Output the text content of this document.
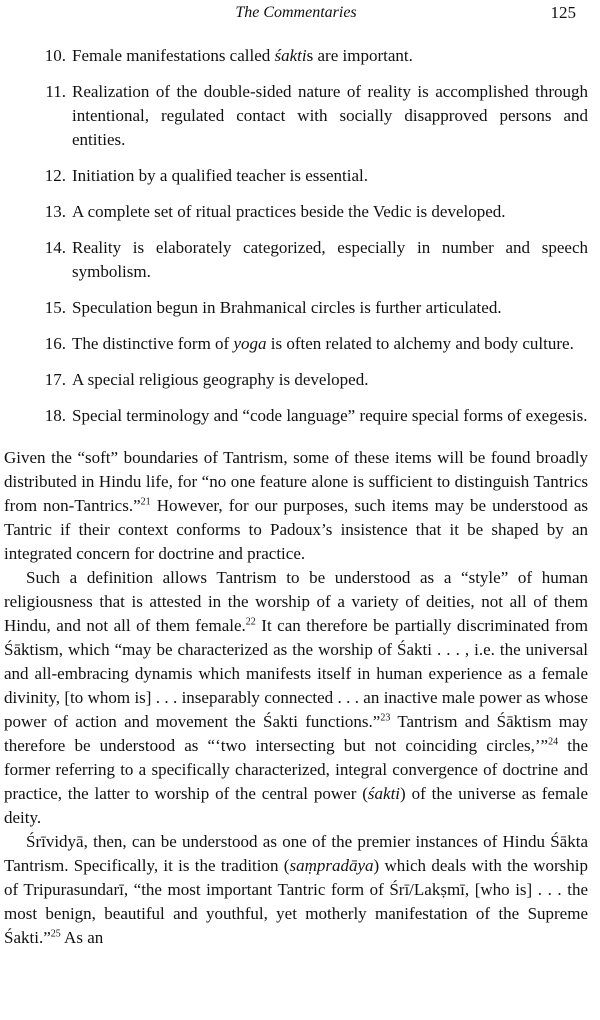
The Commentaries	125
10. Female manifestations called śaktis are important.
11. Realization of the double-sided nature of reality is accomplished through intentional, regulated contact with socially disapproved persons and entities.
12. Initiation by a qualified teacher is essential.
13. A complete set of ritual practices beside the Vedic is developed.
14. Reality is elaborately categorized, especially in number and speech symbolism.
15. Speculation begun in Brahmanical circles is further articulated.
16. The distinctive form of yoga is often related to alchemy and body culture.
17. A special religious geography is developed.
18. Special terminology and “code language” require special forms of exegesis.

Given the “soft” boundaries of Tantrism, some of these items will be found broadly distributed in Hindu life, for “no one feature alone is sufficient to distinguish Tantrics from non-Tantrics.”$^{21}$ However, for our purposes, such items may be understood as Tantric if their context conforms to Padoux’s insistence that it be shaped by an integrated concern for doctrine and practice.

Such a definition allows Tantrism to be understood as a “style” of human religiousness that is attested in the worship of a variety of deities, not all of them Hindu, and not all of them female.$^{22}$ It can therefore be partially discriminated from Śāktism, which “may be characterized as the worship of Śakti . . . , i.e. the universal and all-embracing dynamis which manifests itself in human experience as a female divinity, [to whom is] . . . inseparably connected . . . an inactive male power as whose power of action and movement the Śakti functions.”$^{23}$ Tantrism and Śāktism may therefore be understood as “‘two intersecting but not coinciding circles,’”$^{24}$ the former referring to a specifically characterized, integral convergence of doctrine and practice, the latter to worship of the central power (śakti) of the universe as female deity.

Śrīvidyā, then, can be understood as one of the premier instances of Hindu Śākta Tantrism. Specifically, it is the tradition (saṃpradāya) which deals with the worship of Tripurasundarī, “the most important Tantric form of Śrī/Lakṣmī, [who is] . . . the most benign, beautiful and youthful, yet motherly manifestation of the Supreme Śakti.”$^{25}$ As an
